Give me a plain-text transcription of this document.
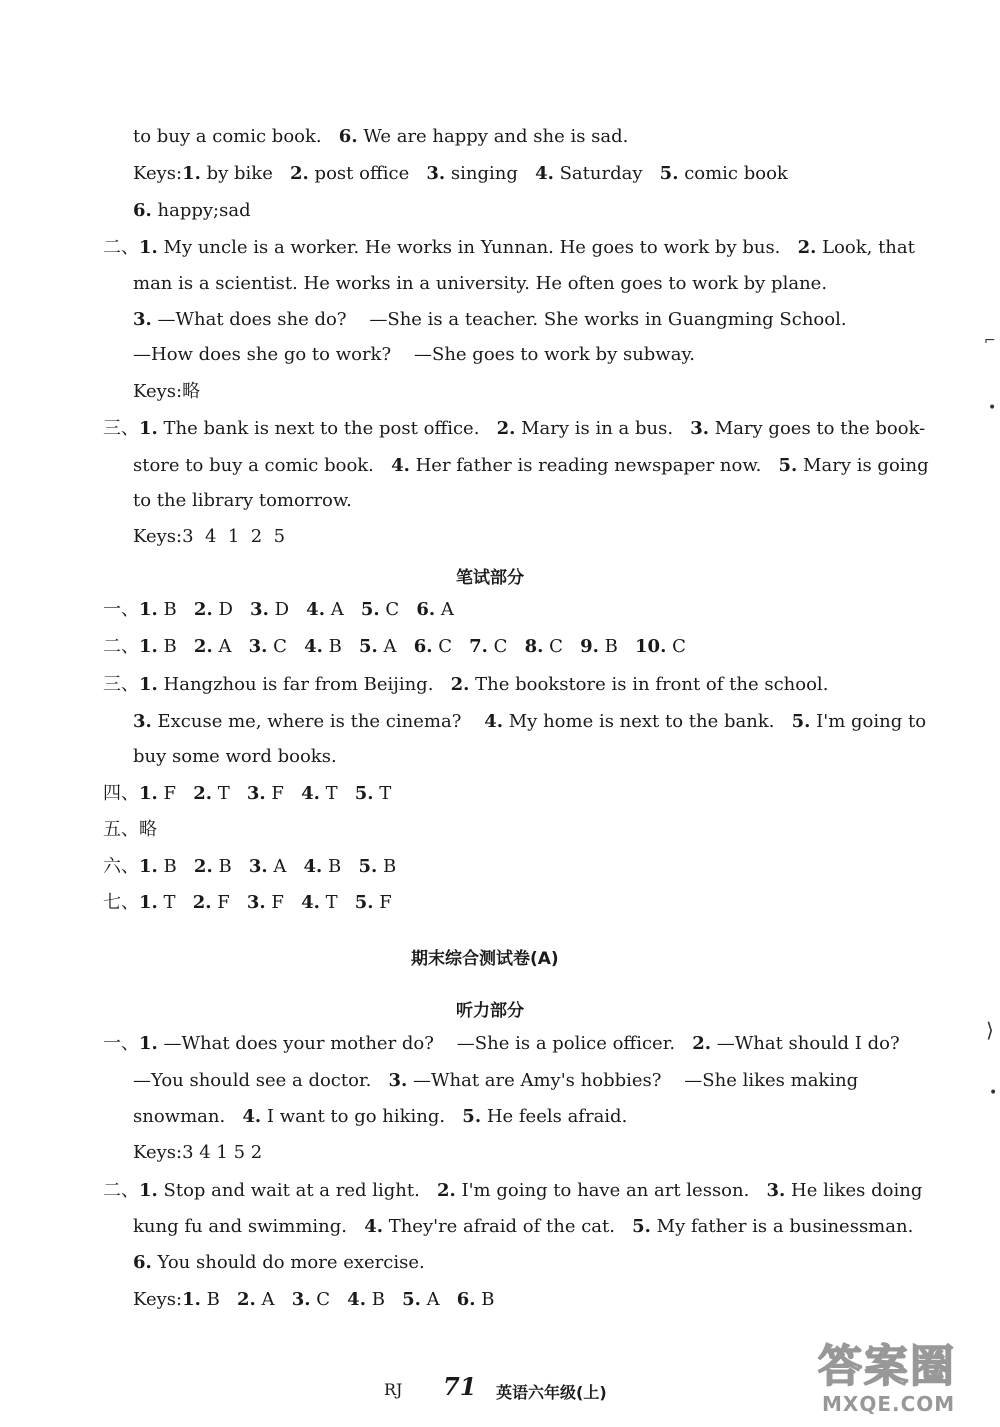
to buy a comic book.   6. We are happy and she is sad.
Keys:1. by bike   2. post office   3. singing   4. Saturday   5. comic book
6. happy;sad
二、1. My uncle is a worker. He works in Yunnan. He goes to work by bus.   2. Look, that
man is a scientist. He works in a university. He often goes to work by plane.
3. —What does she do?    —She is a teacher. She works in Guangming School.
—How does she go to work?    —She goes to work by subway.
Keys:略
三、1. The bank is next to the post office.   2. Mary is in a bus.   3. Mary goes to the book-
store to buy a comic book.   4. Her father is reading newspaper now.   5. Mary is going
to the library tomorrow.
Keys:3  4  1  2  5
笔试部分
一、1. B   2. D   3. D   4. A   5. C   6. A
二、1. B   2. A   3. C   4. B   5. A   6. C   7. C   8. C   9. B   10. C
三、1. Hangzhou is far from Beijing.   2. The bookstore is in front of the school.
3. Excuse me, where is the cinema?    4. My home is next to the bank.   5. I'm going to
buy some word books.
四、1. F   2. T   3. F   4. T   5. T
五、略
六、1. B   2. B   3. A   4. B   5. B
七、1. T   2. F   3. F   4. T   5. F
期末综合测试卷(A)
听力部分
一、1. —What does your mother do?    —She is a police officer.   2. —What should I do?
—You should see a doctor.   3. —What are Amy's hobbies?    —She likes making
snowman.   4. I want to go hiking.   5. He feels afraid.
Keys:3 4 1 5 2
二、1. Stop and wait at a red light.   2. I'm going to have an art lesson.   3. He likes doing
kung fu and swimming.   4. They're afraid of the cat.   5. My father is a businessman.
6. You should do more exercise.
Keys:1. B   2. A   3. C   4. B   5. A   6. B
RJ 71 英语六年级(上)
⌐
•
⟩
•
答案圈
MXQE.COM
